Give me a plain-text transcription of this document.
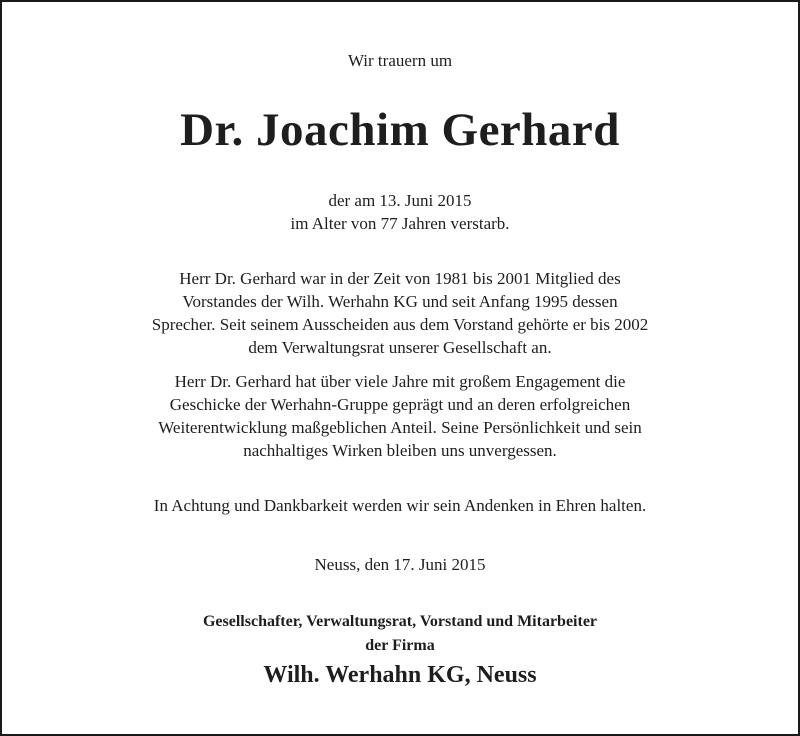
Wir trauern um
Dr. Joachim Gerhard
der am 13. Juni 2015
im Alter von 77 Jahren verstarb.
Herr Dr. Gerhard war in der Zeit von 1981 bis 2001 Mitglied des
Vorstandes der Wilh. Werhahn KG und seit Anfang 1995 dessen
Sprecher. Seit seinem Ausscheiden aus dem Vorstand gehörte er bis 2002
dem Verwaltungsrat unserer Gesellschaft an.
Herr Dr. Gerhard hat über viele Jahre mit großem Engagement die
Geschicke der Werhahn-Gruppe geprägt und an deren erfolgreichen
Weiterentwicklung maßgeblichen Anteil. Seine Persönlichkeit und sein
nachhaltiges Wirken bleiben uns unvergessen.
In Achtung und Dankbarkeit werden wir sein Andenken in Ehren halten.
Neuss, den 17. Juni 2015
Gesellschafter, Verwaltungsrat, Vorstand und Mitarbeiter
der Firma
Wilh. Werhahn KG, Neuss
